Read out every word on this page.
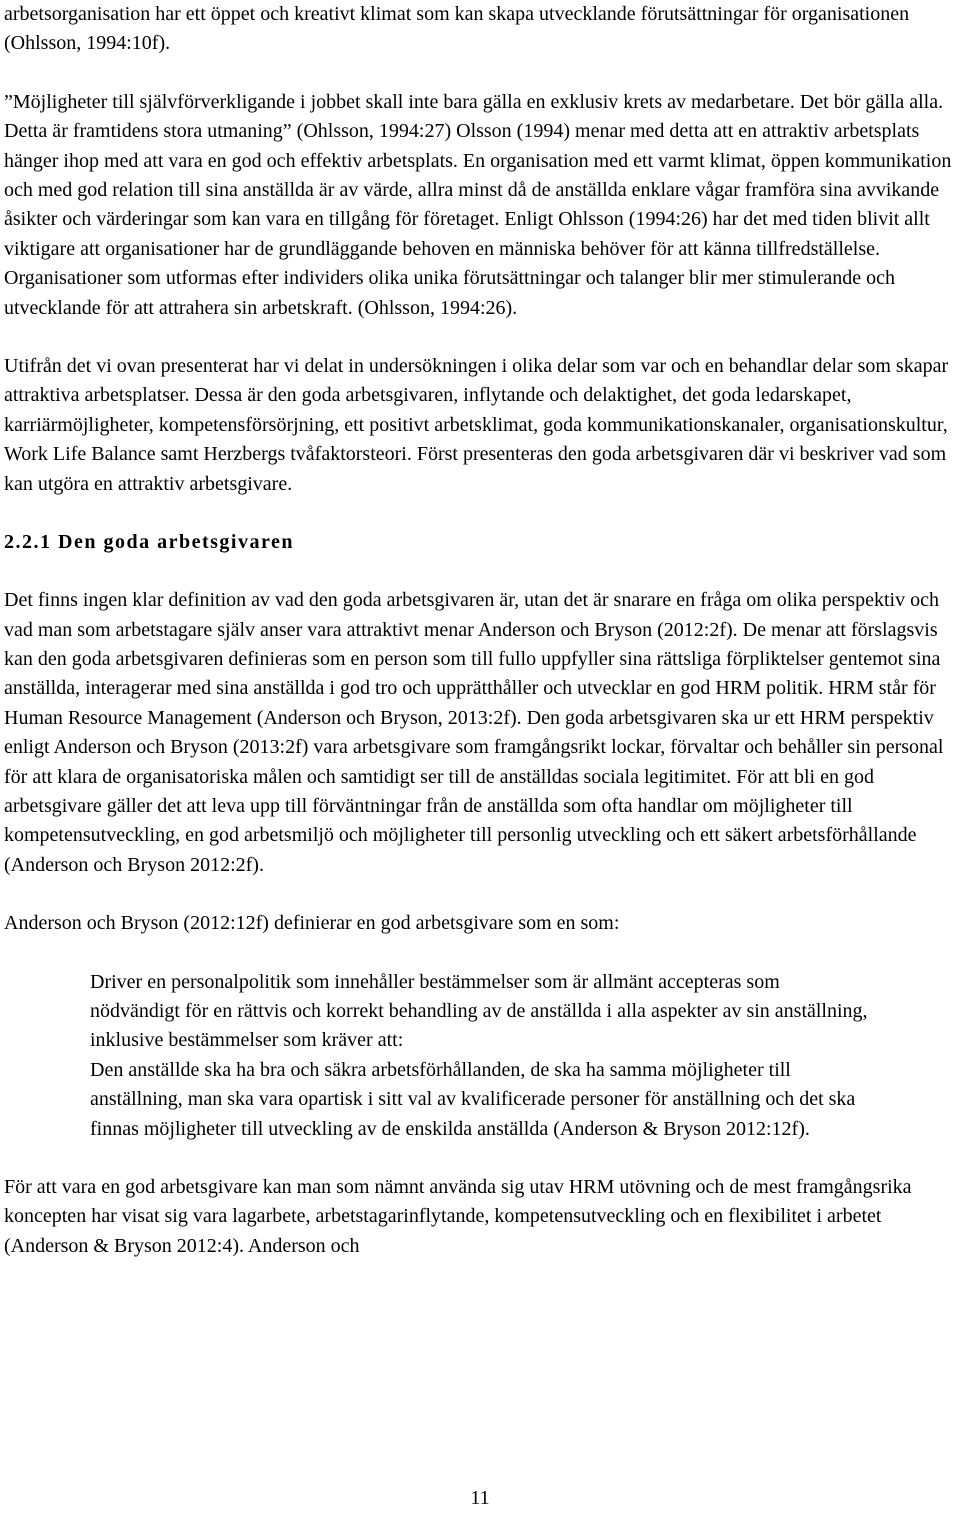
arbetsorganisation har ett öppet och kreativt klimat som kan skapa utvecklande förutsättningar för organisationen (Ohlsson, 1994:10f).

”Möjligheter till självförverkligande i jobbet skall inte bara gälla en exklusiv krets av medarbetare. Det bör gälla alla. Detta är framtidens stora utmaning” (Ohlsson, 1994:27) Olsson (1994) menar med detta att en attraktiv arbetsplats hänger ihop med att vara en god och effektiv arbetsplats. En organisation med ett varmt klimat, öppen kommunikation och med god relation till sina anställda är av värde, allra minst då de anställda enklare vågar framföra sina avvikande åsikter och värderingar som kan vara en tillgång för företaget. Enligt Ohlsson (1994:26) har det med tiden blivit allt viktigare att organisationer har de grundläggande behoven en människa behöver för att känna tillfredställelse. Organisationer som utformas efter individers olika unika förutsättningar och talanger blir mer stimulerande och utvecklande för att attrahera sin arbetskraft. (Ohlsson, 1994:26).

Utifrån det vi ovan presenterat har vi delat in undersökningen i olika delar som var och en behandlar delar som skapar attraktiva arbetsplatser. Dessa är den goda arbetsgivaren, inflytande och delaktighet, det goda ledarskapet, karriärmöjligheter, kompetensförsörjning, ett positivt arbetsklimat, goda kommunikationskanaler, organisationskultur, Work Life Balance samt Herzbergs tvåfaktorsteori. Först presenteras den goda arbetsgivaren där vi beskriver vad som kan utgöra en attraktiv arbetsgivare.

2.2.1 Den goda arbetsgivaren

Det finns ingen klar definition av vad den goda arbetsgivaren är, utan det är snarare en fråga om olika perspektiv och vad man som arbetstagare själv anser vara attraktivt menar Anderson och Bryson (2012:2f). De menar att förslagsvis kan den goda arbetsgivaren definieras som en person som till fullo uppfyller sina rättsliga förpliktelser gentemot sina anställda, interagerar med sina anställda i god tro och upprätthåller och utvecklar en god HRM politik. HRM står för Human Resource Management (Anderson och Bryson, 2013:2f). Den goda arbetsgivaren ska ur ett HRM perspektiv enligt Anderson och Bryson (2013:2f) vara arbetsgivare som framgångsrikt lockar, förvaltar och behåller sin personal för att klara de organisatoriska målen och samtidigt ser till de anställdas sociala legitimitet. För att bli en god arbetsgivare gäller det att leva upp till förväntningar från de anställda som ofta handlar om möjligheter till kompetensutveckling, en god arbetsmiljö och möjligheter till personlig utveckling och ett säkert arbetsförhållande (Anderson och Bryson 2012:2f).

Anderson och Bryson (2012:12f) definierar en god arbetsgivare som en som:

Driver en personalpolitik som innehåller bestämmelser som är allmänt accepteras som nödvändigt för en rättvis och korrekt behandling av de anställda i alla aspekter av sin anställning, inklusive bestämmelser som kräver att:

Den anställde ska ha bra och säkra arbetsförhållanden, de ska ha samma möjligheter till anställning, man ska vara opartisk i sitt val av kvalificerade personer för anställning och det ska finnas möjligheter till utveckling av de enskilda anställda (Anderson & Bryson 2012:12f).

För att vara en god arbetsgivare kan man som nämnt använda sig utav HRM utövning och de mest framgångsrika koncepten har visat sig vara lagarbete, arbetstagarinflytande, kompetensutveckling och en flexibilitet i arbetet (Anderson & Bryson 2012:4). Anderson och

11
